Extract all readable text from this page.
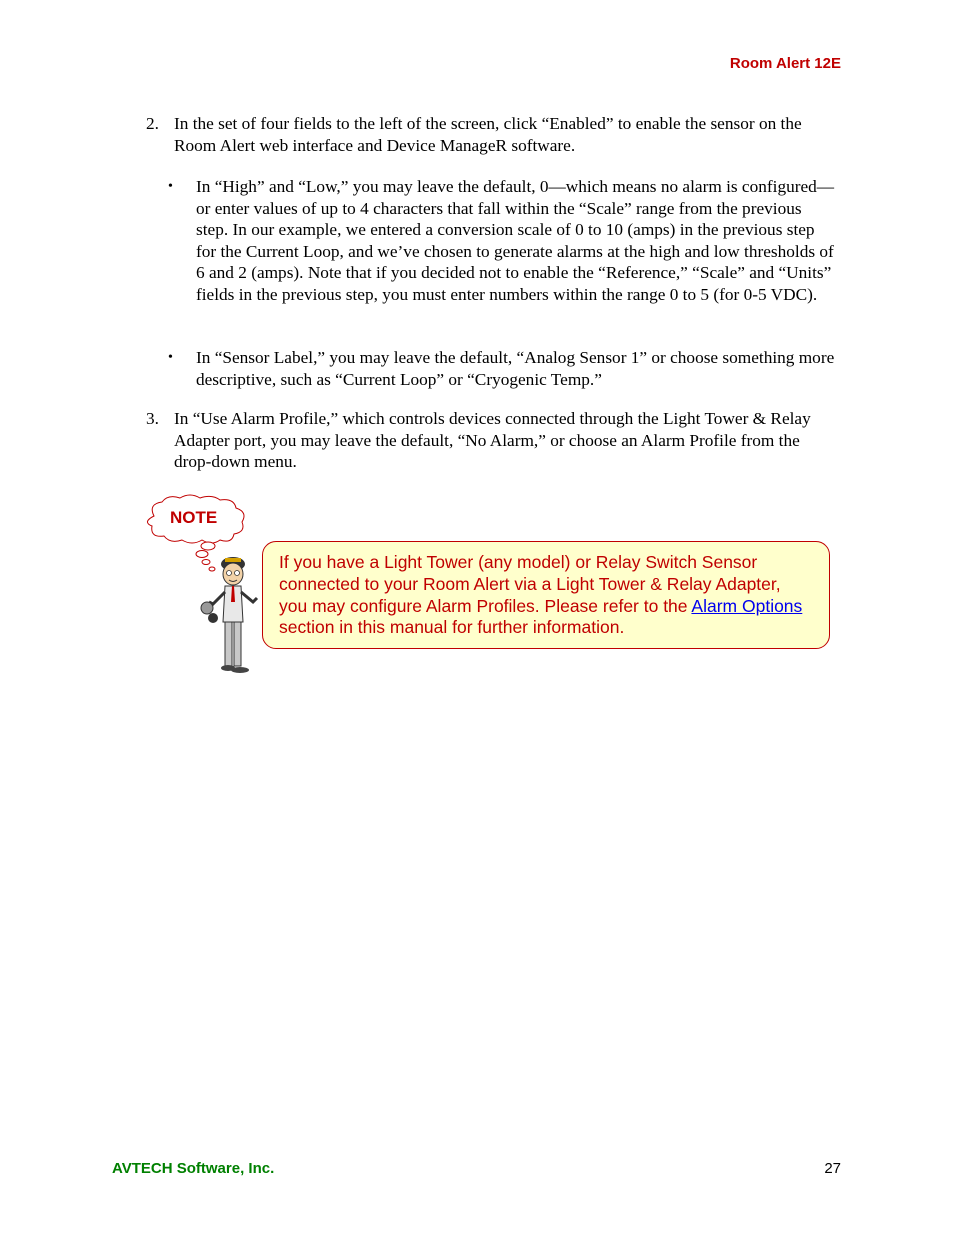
Room Alert 12E
2. In the set of four fields to the left of the screen, click “Enabled” to enable the sensor on the Room Alert web interface and Device ManageR software.
• In “High” and “Low,” you may leave the default, 0—which means no alarm is configured—or enter values of up to 4 characters that fall within the “Scale” range from the previous step. In our example, we entered a conversion scale of 0 to 10 (amps) in the previous step for the Current Loop, and we’ve chosen to generate alarms at the high and low thresholds of 6 and 2 (amps). Note that if you decided not to enable the “Reference,” “Scale” and “Units” fields in the previous step, you must enter numbers within the range 0 to 5 (for 0-5 VDC).
• In “Sensor Label,” you may leave the default, “Analog Sensor 1” or choose something more descriptive, such as “Current Loop” or “Cryogenic Temp.”
3. In “Use Alarm Profile,” which controls devices connected through the Light Tower & Relay Adapter port, you may leave the default, “No Alarm,” or choose an Alarm Profile from the drop-down menu.
NOTE
If you have a Light Tower (any model) or Relay Switch Sensor connected to your Room Alert via a Light Tower & Relay Adapter, you may configure Alarm Profiles. Please refer to the Alarm Options section in this manual for further information.
AVTECH Software, Inc.	27
